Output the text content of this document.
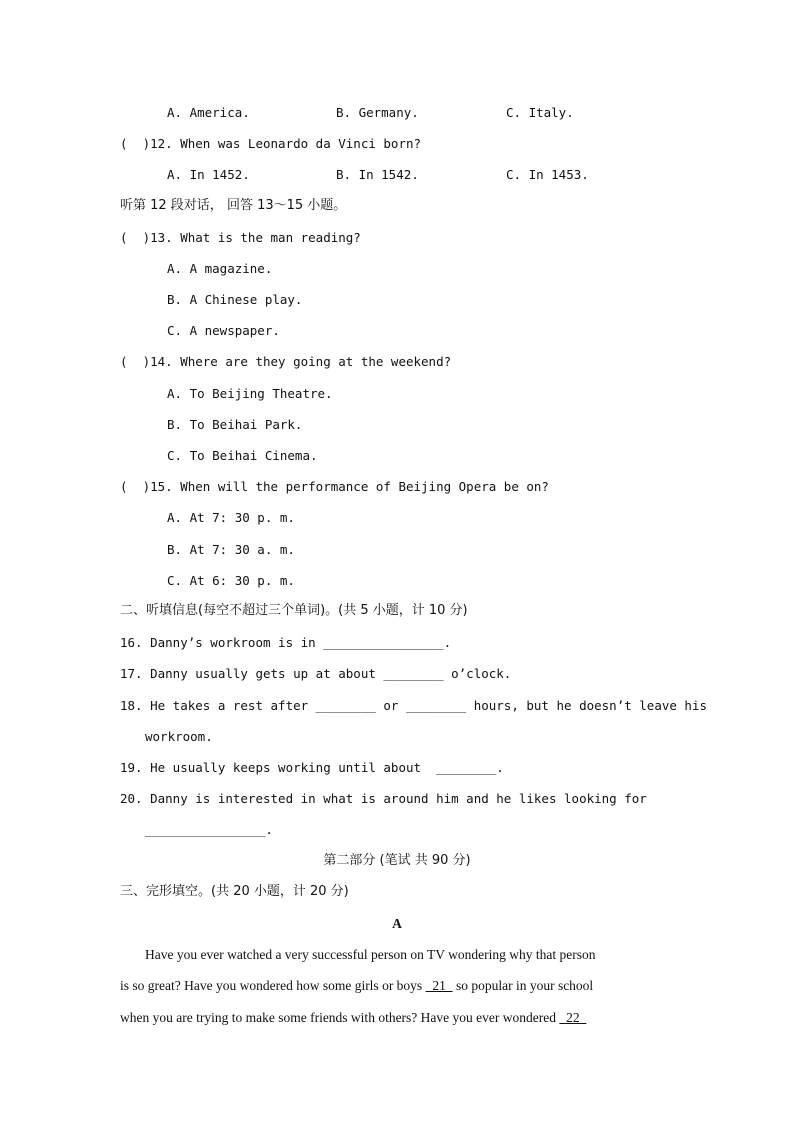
A. America.	B. Germany.	C. Italy.
(  )12. When was Leonardo da Vinci born?
A. In 1452.	B. In 1542.	C. In 1453.
听第 12 段对话， 回答 13～15 小题。
(  )13. What is the man reading?
A. A magazine.
B. A Chinese play.
C. A newspaper.
(  )14. Where are they going at the weekend?
A. To Beijing Theatre.
B. To Beihai Park.
C. To Beihai Cinema.
(  )15. When will the performance of Beijing Opera be on?
A. At 7: 30 p. m.
B. At 7: 30 a. m.
C. At 6: 30 p. m.
二、听填信息(每空不超过三个单词)。(共 5 小题，计 10 分)
16. Danny’s workroom is in ________________.
17. Danny usually gets up at about ________ o’clock.
18. He takes a rest after ________ or ________ hours, but he doesn’t leave his
workroom.
19. He usually keeps working until about  ________.
20. Danny is interested in what is around him and he likes looking for
________________.
第二部分 (笔试 共 90 分)
三、完形填空。(共 20 小题，计 20 分)
A
Have you ever watched a very successful person on TV wondering why that person
is so great? Have you wondered how some girls or boys   21   so popular in your school
when you are trying to make some friends with others? Have you ever wondered   22
